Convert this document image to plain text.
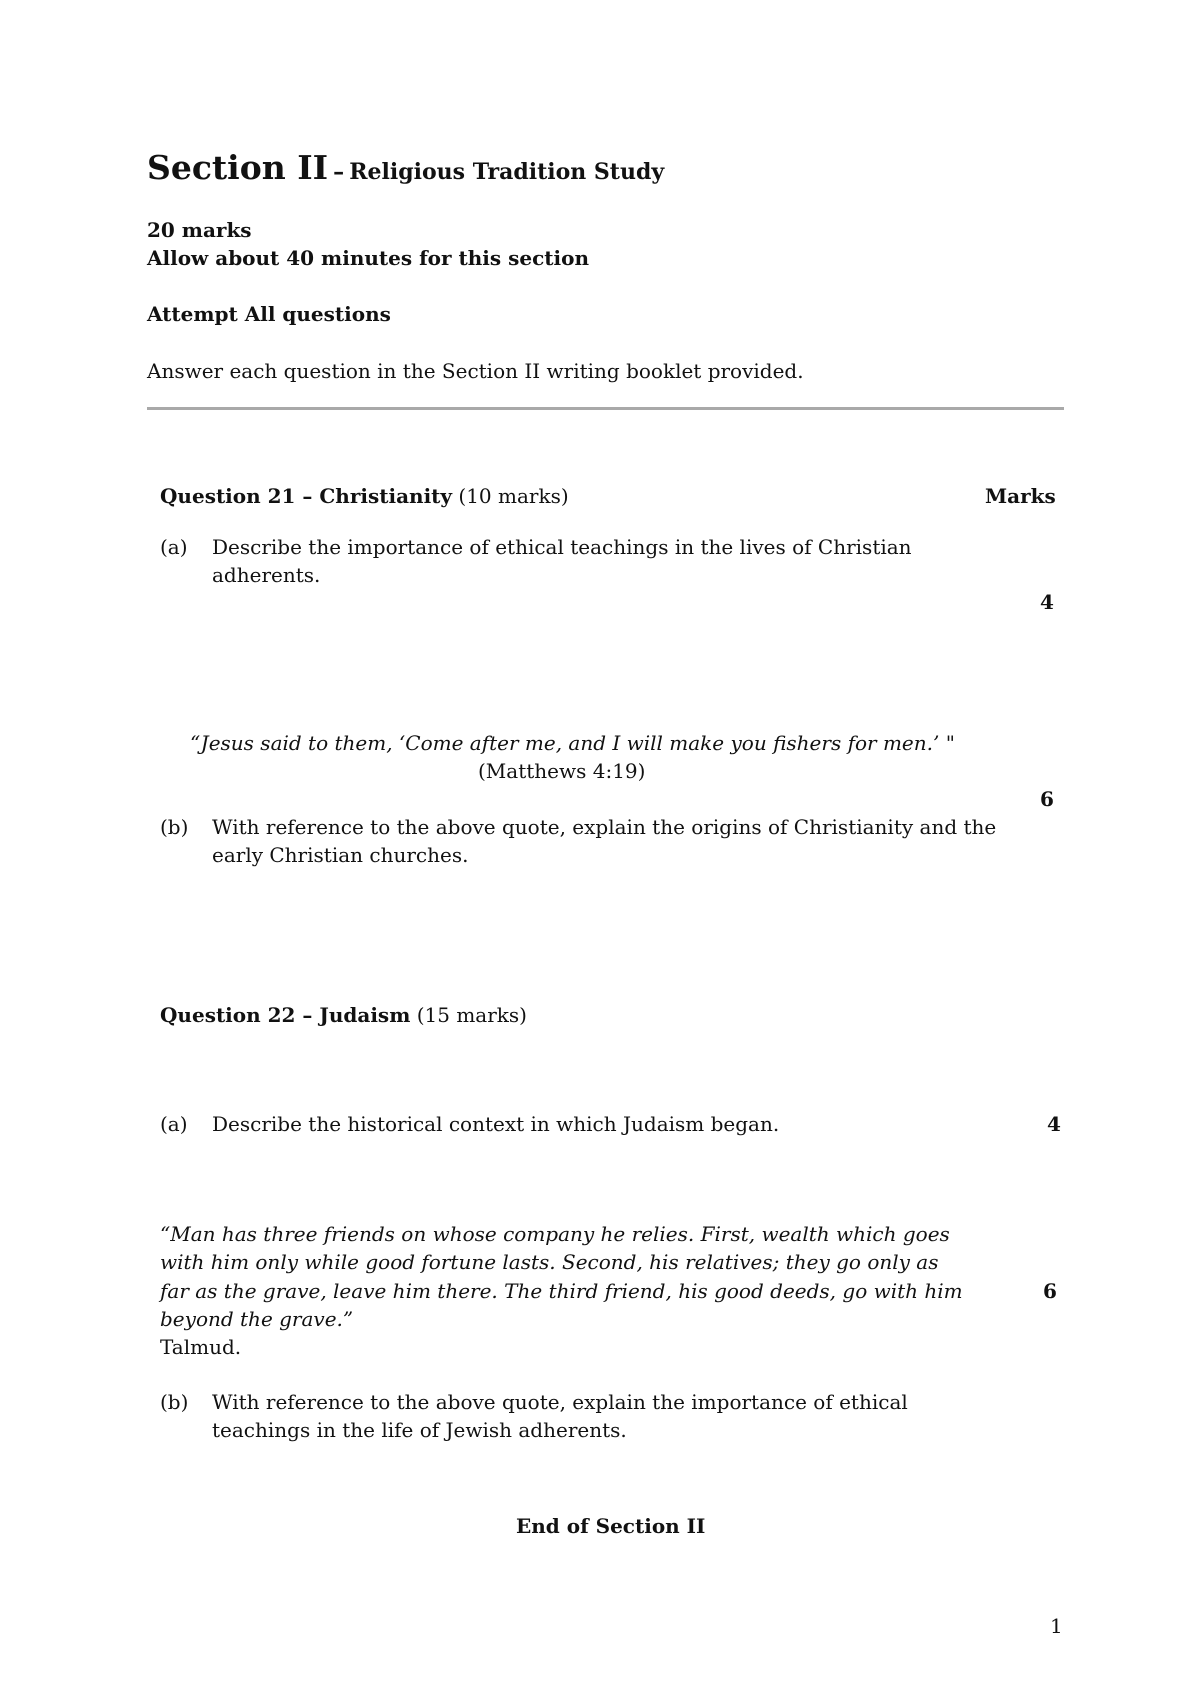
Section II – Religious Tradition Study
20 marks
Allow about 40 minutes for this section
Attempt All questions
Answer each question in the Section II writing booklet provided.
Question 21 – Christianity (10 marks)	Marks
(a) Describe the importance of ethical teachings in the lives of Christian
adherents.
4
“Jesus said to them, ‘Come after me, and I will make you fishers for men.’ "
(Matthews 4:19)
6
(b) With reference to the above quote, explain the origins of Christianity and the
early Christian churches.
Question 22 – Judaism (15 marks)
(a) Describe the historical context in which Judaism began.	4
“Man has three friends on whose company he relies. First, wealth which goes
with him only while good fortune lasts. Second, his relatives; they go only as
far as the grave, leave him there. The third friend, his good deeds, go with him	6
beyond the grave.”
Talmud.
(b) With reference to the above quote, explain the importance of ethical
teachings in the life of Jewish adherents.
End of Section II
1
